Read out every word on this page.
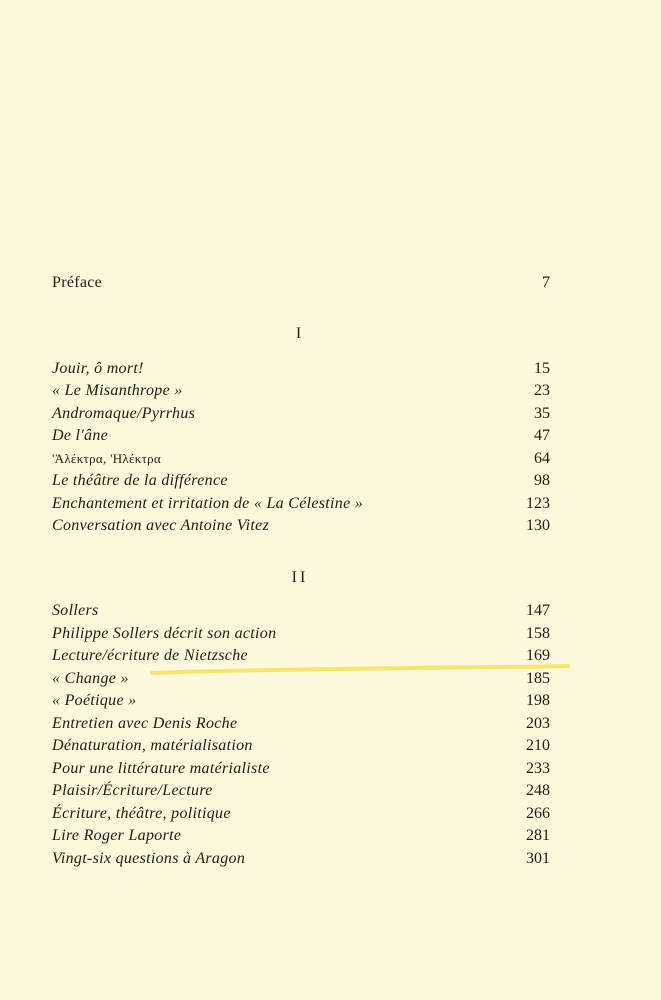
Préface	7
I
Jouir, ô mort!	15
« Le Misanthrope »	23
Andromaque/Pyrrhus	35
De l'âne	47
'Ἀλέκτρα, 'Ηλέκτρα	64
Le théâtre de la différence	98
Enchantement et irritation de « La Célestine »	123
Conversation avec Antoine Vitez	130
II
Sollers	147
Philippe Sollers décrit son action	158
Lecture/écriture de Nietzsche	169
« Change »	185
« Poétique »	198
Entretien avec Denis Roche	203
Dénaturation, matérialisation	210
Pour une littérature matérialiste	233
Plaisir/Écriture/Lecture	248
Écriture, théâtre, politique	266
Lire Roger Laporte	281
Vingt-six questions à Aragon	301
